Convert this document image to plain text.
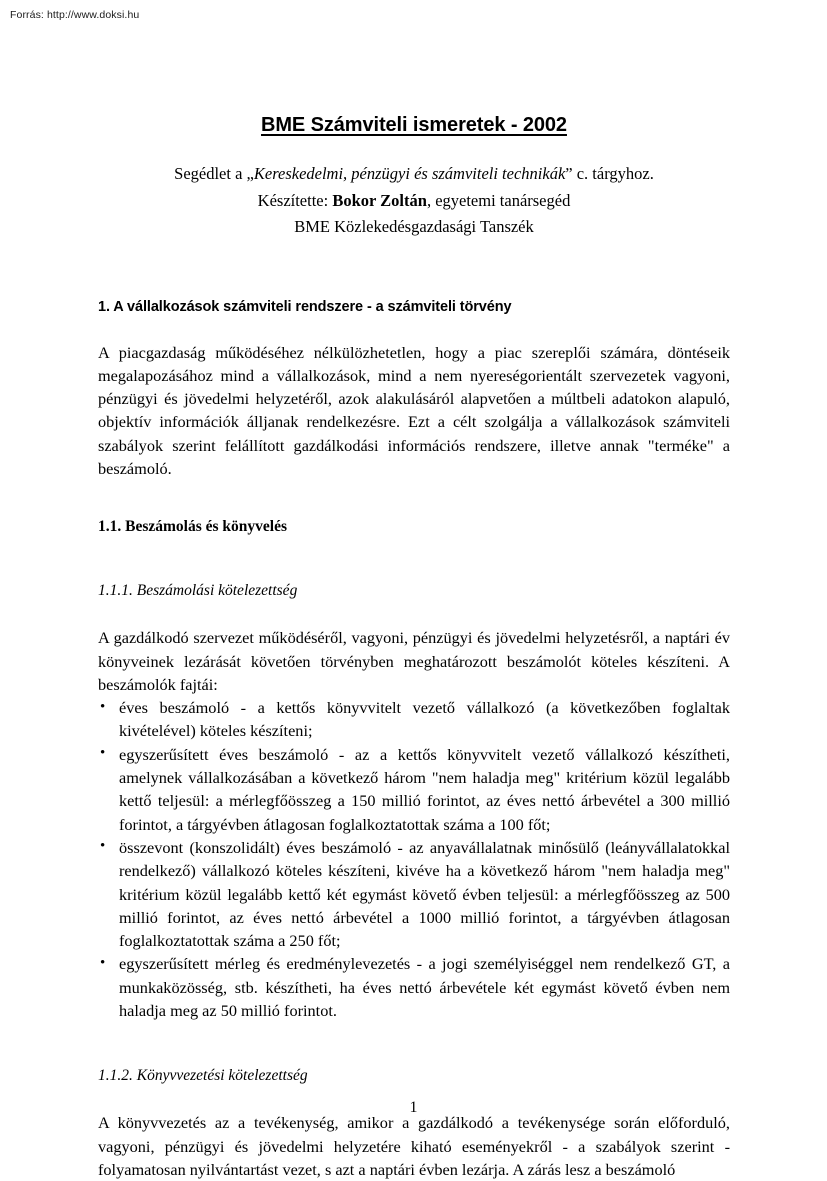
Forrás: http://www.doksi.hu
BME Számviteli ismeretek - 2002
Segédlet a „Kereskedelmi, pénzügyi és számviteli technikák” c. tárgyhoz.
Készítette: Bokor Zoltán, egyetemi tanársegéd
BME Közlekedésgazdasági Tanszék
1. A vállalkozások számviteli rendszere - a számviteli törvény

A piacgazdaság működéséhez nélkülözhetetlen, hogy a piac szereplői számára, döntéseik megalapozásához mind a vállalkozások, mind a nem nyereségorientált szervezetek vagyoni, pénzügyi és jövedelmi helyzetéről, azok alakulásáról alapvetően a múltbeli adatokon alapuló, objektív információk álljanak rendelkezésre. Ezt a célt szolgálja a vállalkozások számviteli szabályok szerint felállított gazdálkodási információs rendszere, illetve annak "terméke" a beszámoló.

1.1. Beszámolás és könyvelés
1.1.1. Beszámolási kötelezettség

A gazdálkodó szervezet működéséről, vagyoni, pénzügyi és jövedelmi helyzetésről, a naptári év könyveinek lezárását követően törvényben meghatározott beszámolót köteles készíteni. A beszámolók fajtái:

• éves beszámoló - a kettős könyvvitelt vezető vállalkozó (a következőben foglaltak kivételével) köteles készíteni;
• egyszerűsített éves beszámoló - az a kettős könyvvitelt vezető vállalkozó készítheti, amelynek vállalkozásában a következő három "nem haladja meg" kritérium közül legalább kettő teljesül: a mérlegfőösszeg a 150 millió forintot, az éves nettó árbevétel a 300 millió forintot, a tárgyévben átlagosan foglalkoztatottak száma a 100 főt;
• összevont (konszolidált) éves beszámoló - az anyavállalatnak minősülő (leányvállalatokkal rendelkező) vállalkozó köteles készíteni, kivéve ha a következő három "nem haladja meg" kritérium közül legalább kettő két egymást követő évben teljesül: a mérlegfőösszeg az 500 millió forintot, az éves nettó árbevétel a 1000 millió forintot, a tárgyévben átlagosan foglalkoztatottak száma a 250 főt;
• egyszerűsített mérleg és eredménylevezetés - a jogi személyiséggel nem rendelkező GT, a munkaközösség, stb. készítheti, ha éves nettó árbevétele két egymást követő évben nem haladja meg az 50 millió forintot.
1.1.2. Könyvvezetési kötelezettség

A könyvvezetés az a tevékenység, amikor a gazdálkodó a tevékenysége során előforduló, vagyoni, pénzügyi és jövedelmi helyzetére kiható eseményekről - a szabályok szerint - folyamatosan nyilvántartást vezet, s azt a naptári évben lezárja. A zárás lesz a beszámoló

1
